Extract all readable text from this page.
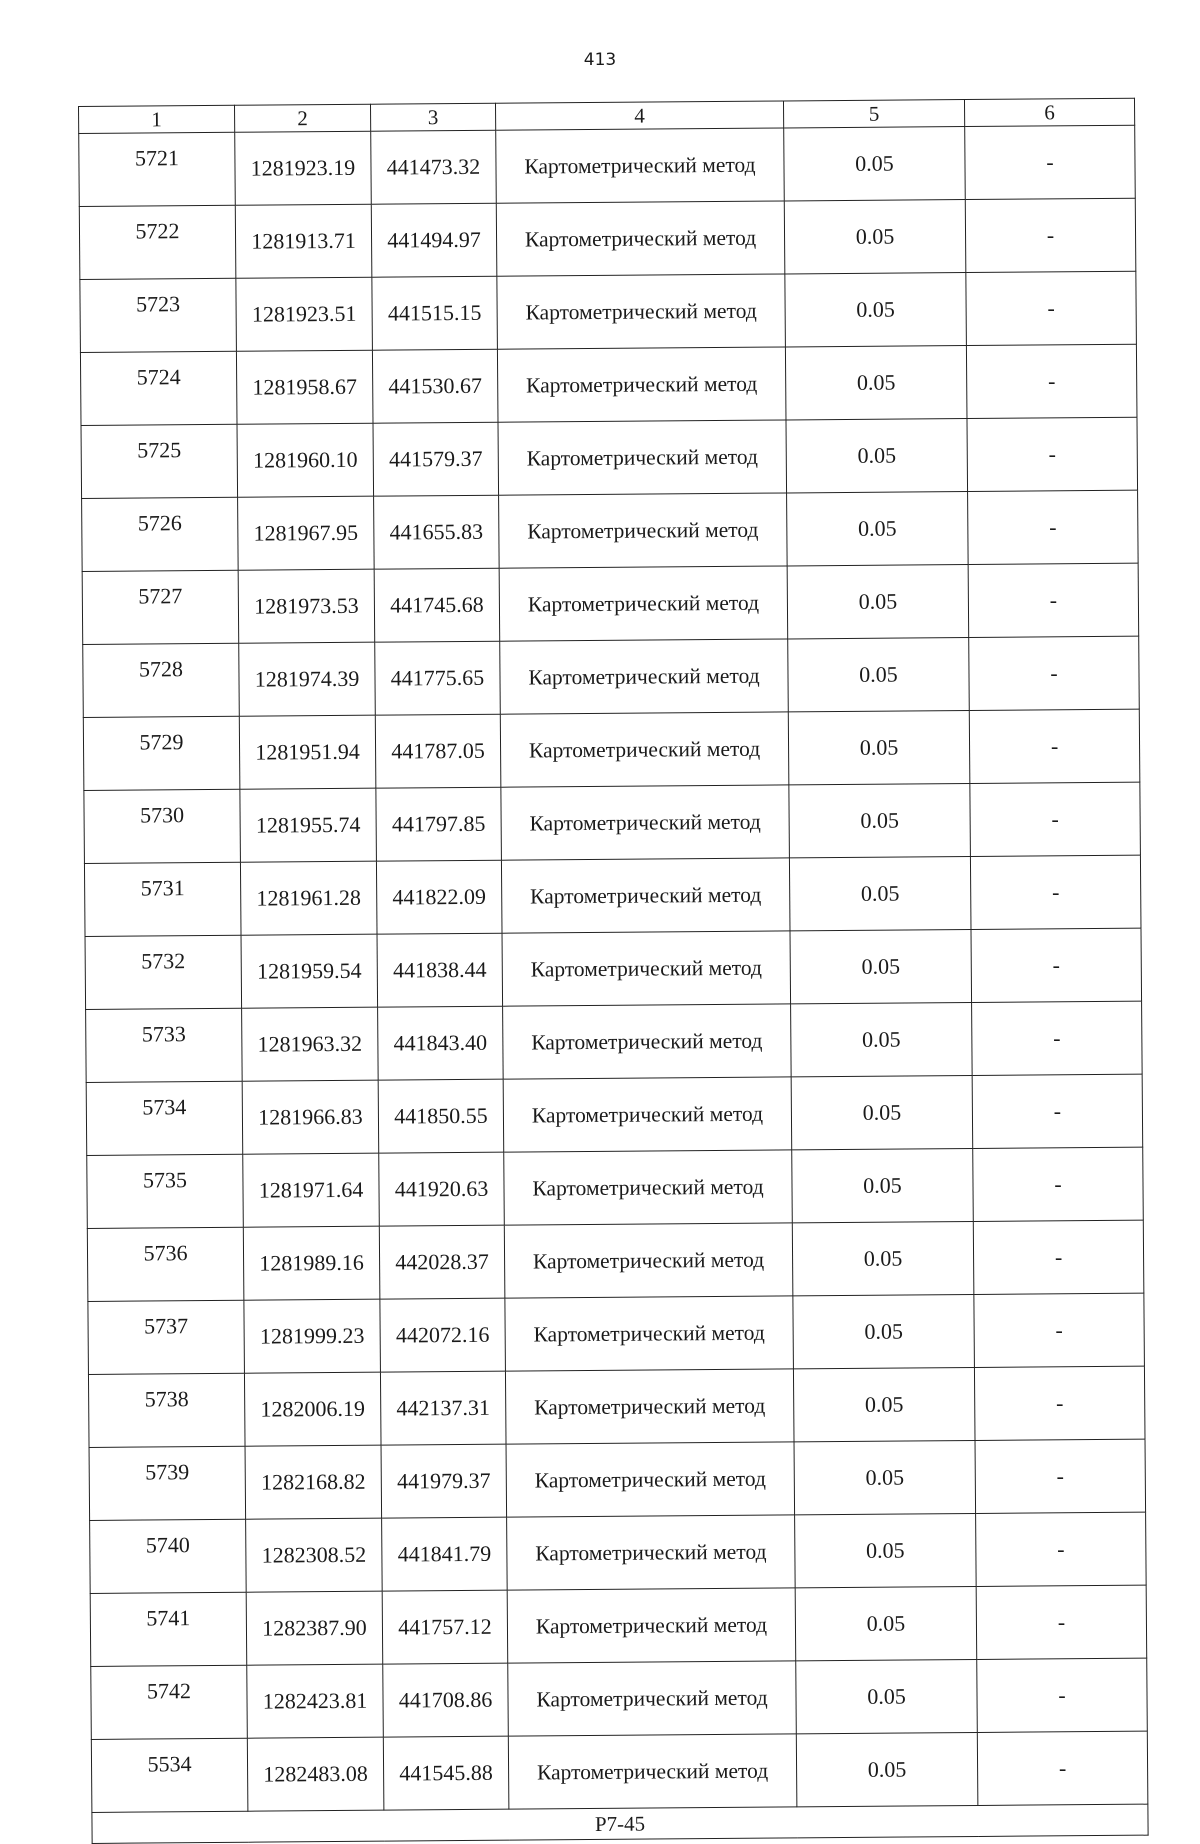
413
1	2	3	4	5	6
5721	1281923.19	441473.32	Картометрический метод	0.05	-
5722	1281913.71	441494.97	Картометрический метод	0.05	-
5723	1281923.51	441515.15	Картометрический метод	0.05	-
5724	1281958.67	441530.67	Картометрический метод	0.05	-
5725	1281960.10	441579.37	Картометрический метод	0.05	-
5726	1281967.95	441655.83	Картометрический метод	0.05	-
5727	1281973.53	441745.68	Картометрический метод	0.05	-
5728	1281974.39	441775.65	Картометрический метод	0.05	-
5729	1281951.94	441787.05	Картометрический метод	0.05	-
5730	1281955.74	441797.85	Картометрический метод	0.05	-
5731	1281961.28	441822.09	Картометрический метод	0.05	-
5732	1281959.54	441838.44	Картометрический метод	0.05	-
5733	1281963.32	441843.40	Картометрический метод	0.05	-
5734	1281966.83	441850.55	Картометрический метод	0.05	-
5735	1281971.64	441920.63	Картометрический метод	0.05	-
5736	1281989.16	442028.37	Картометрический метод	0.05	-
5737	1281999.23	442072.16	Картометрический метод	0.05	-
5738	1282006.19	442137.31	Картометрический метод	0.05	-
5739	1282168.82	441979.37	Картометрический метод	0.05	-
5740	1282308.52	441841.79	Картометрический метод	0.05	-
5741	1282387.90	441757.12	Картометрический метод	0.05	-
5742	1282423.81	441708.86	Картометрический метод	0.05	-
5534	1282483.08	441545.88	Картометрический метод	0.05	-
P7-45					
